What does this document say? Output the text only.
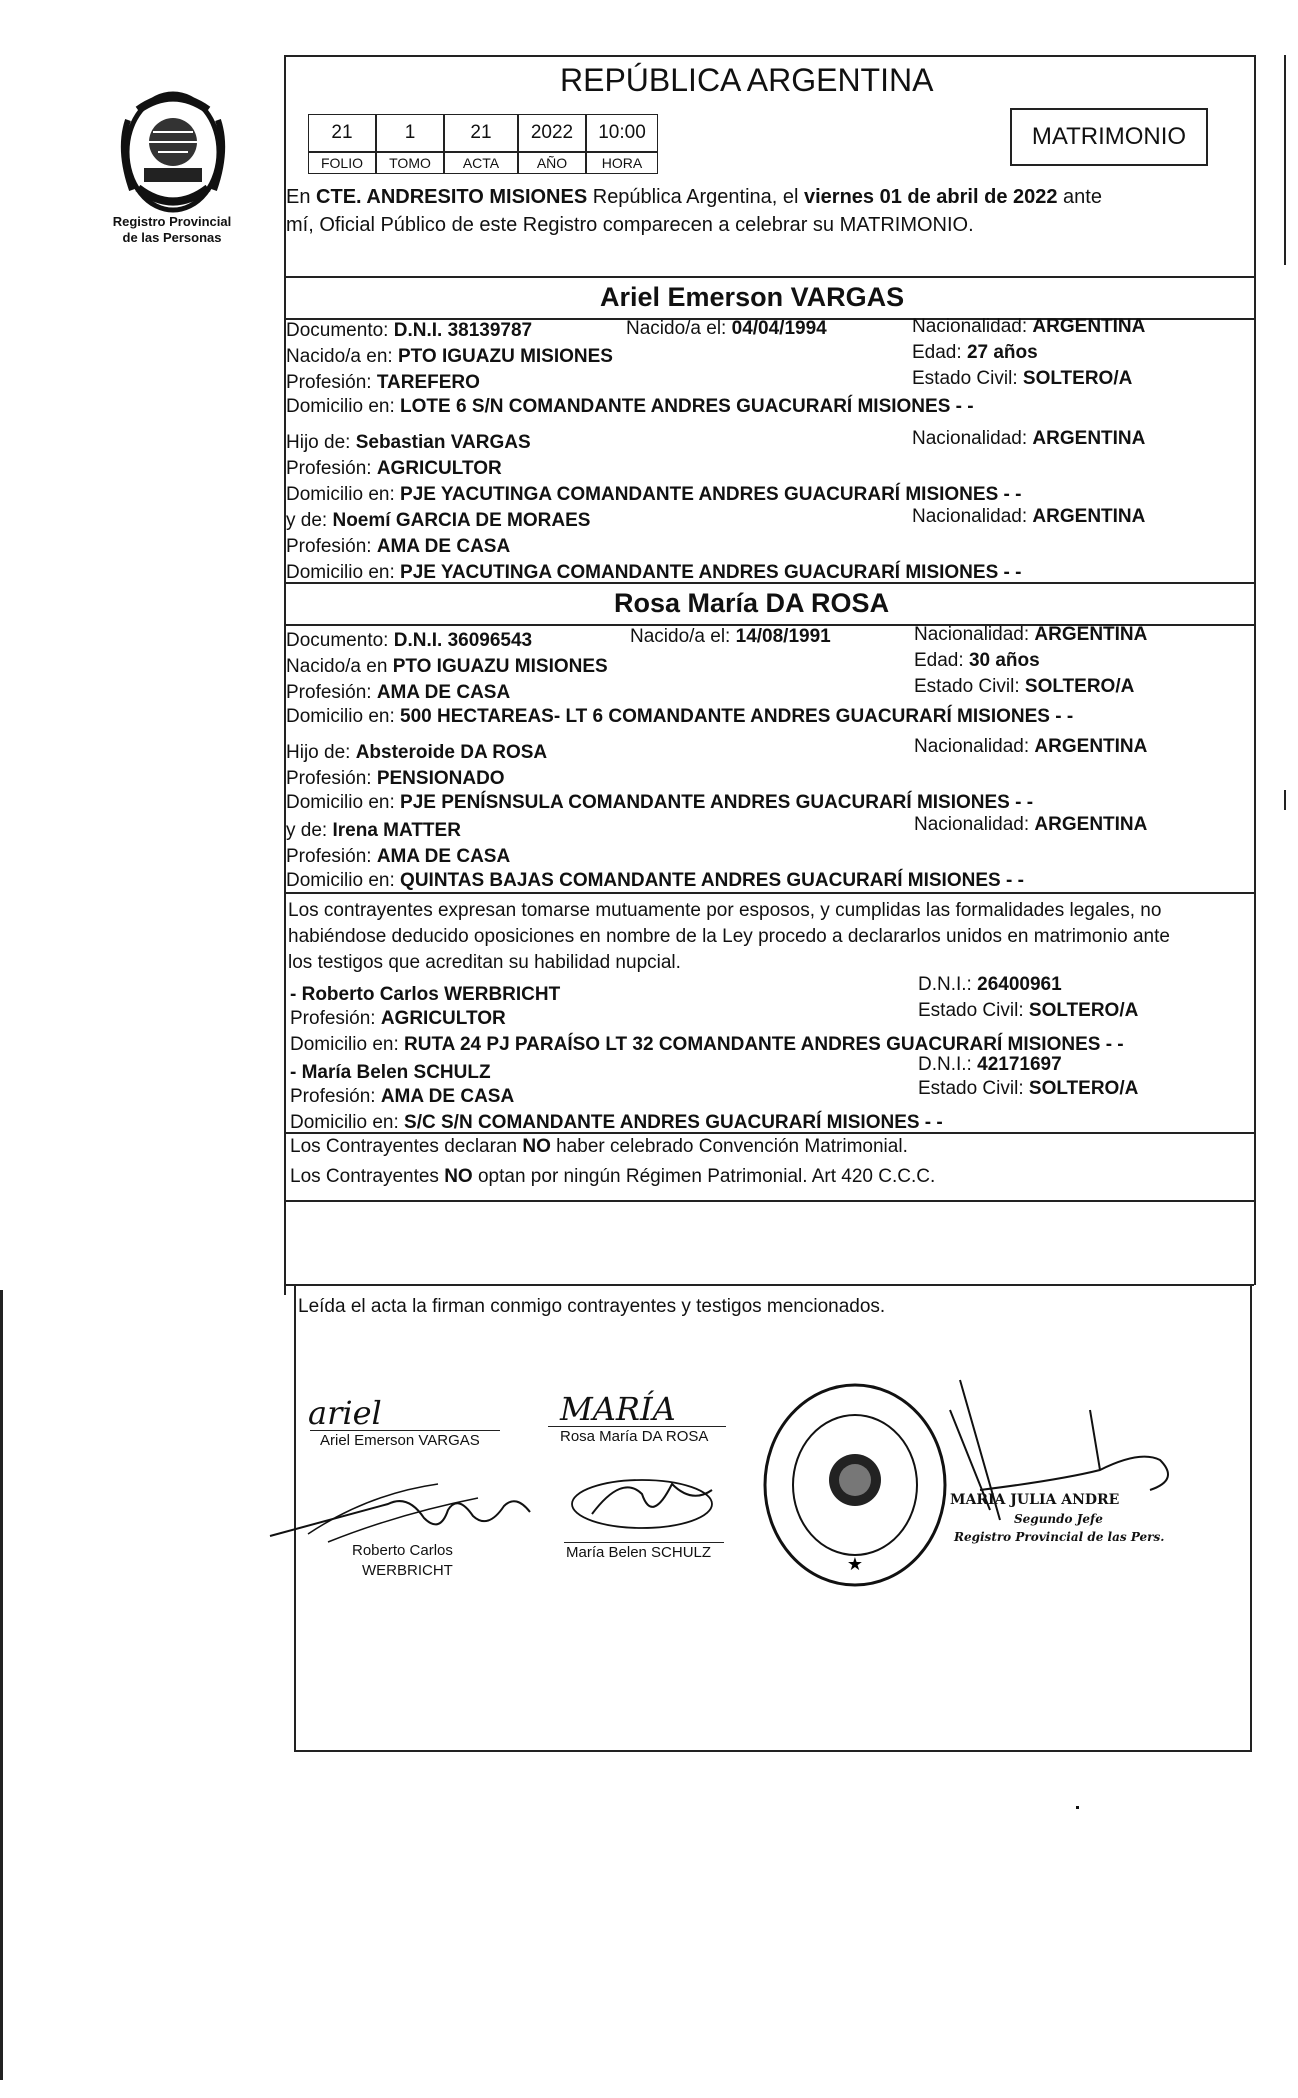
Registro Provincial
de las Personas
REPÚBLICA ARGENTINA
21	1	21	2022	10:00
FOLIO	TOMO	ACTA	AÑO	HORA
MATRIMONIO
En CTE. ANDRESITO MISIONES República Argentina, el viernes 01 de abril de 2022 ante
mí, Oficial Público de este Registro comparecen a celebrar su MATRIMONIO.
Ariel Emerson VARGAS
Documento: D.N.I. 38139787	Nacido/a el: 04/04/1994	Nacionalidad: ARGENTINA
Nacido/a en: PTO IGUAZU MISIONES	Edad: 27 años
Profesión: TAREFERO	Estado Civil: SOLTERO/A
Domicilio en: LOTE 6 S/N COMANDANTE ANDRES GUACURARÍ MISIONES - -
Hijo de: Sebastian VARGAS	Nacionalidad: ARGENTINA
Profesión: AGRICULTOR
Domicilio en: PJE YACUTINGA COMANDANTE ANDRES GUACURARÍ MISIONES - -
y de: Noemí GARCIA DE MORAES	Nacionalidad: ARGENTINA
Profesión: AMA DE CASA
Domicilio en: PJE YACUTINGA COMANDANTE ANDRES GUACURARÍ MISIONES - -
Rosa María DA ROSA
Documento: D.N.I. 36096543	Nacido/a el: 14/08/1991	Nacionalidad: ARGENTINA
Nacido/a en PTO IGUAZU MISIONES	Edad: 30 años
Profesión: AMA DE CASA	Estado Civil: SOLTERO/A
Domicilio en: 500 HECTAREAS- LT 6 COMANDANTE ANDRES GUACURARÍ MISIONES - -
Hijo de: Absteroide DA ROSA	Nacionalidad: ARGENTINA
Profesión: PENSIONADO
Domicilio en: PJE PENÍSNSULA COMANDANTE ANDRES GUACURARÍ MISIONES - -
y de: Irena MATTER	Nacionalidad: ARGENTINA
Profesión: AMA DE CASA
Domicilio en: QUINTAS BAJAS COMANDANTE ANDRES GUACURARÍ MISIONES - -
Los contrayentes expresan tomarse mutuamente por esposos, y cumplidas las formalidades legales, no
habiéndose deducido oposiciones en nombre de la Ley procedo a declararlos unidos en matrimonio ante
los testigos que acreditan su habilidad nupcial.
- Roberto Carlos WERBRICHT	D.N.I.: 26400961
Profesión: AGRICULTOR	Estado Civil: SOLTERO/A
Domicilio en: RUTA 24 PJ PARAÍSO LT 32 COMANDANTE ANDRES GUACURARÍ MISIONES - -
- María Belen SCHULZ	D.N.I.: 42171697
Profesión: AMA DE CASA	Estado Civil: SOLTERO/A
Domicilio en: S/C S/N COMANDANTE ANDRES GUACURARÍ MISIONES - -
Los Contrayentes declaran NO haber celebrado Convención Matrimonial.
Los Contrayentes NO optan por ningún Régimen Patrimonial. Art 420 C.C.C.
Leída el acta la firman conmigo contrayentes y testigos mencionados.
ariel
Ariel Emerson VARGAS
MARÍA
Rosa María DA ROSA
Roberto Carlos
WERBRICHT
María Belen SCHULZ
★
MARIA JULIA ANDRE
Segundo Jefe
Registro Provincial de las Pers.
